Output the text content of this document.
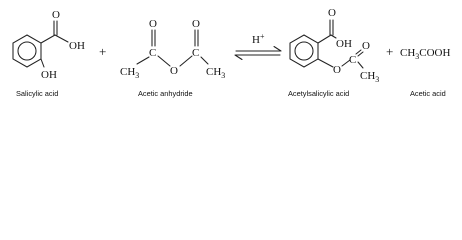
O
OH
OH
Salicylic acid
+
$CH_3$
C
O
O
C
O
$CH_3$
Acetic anhydride
H+
O
OH
O
C
O
$CH_3$
Acetylsalicylic acid
+ $CH_3COOH$
Acetic acid
